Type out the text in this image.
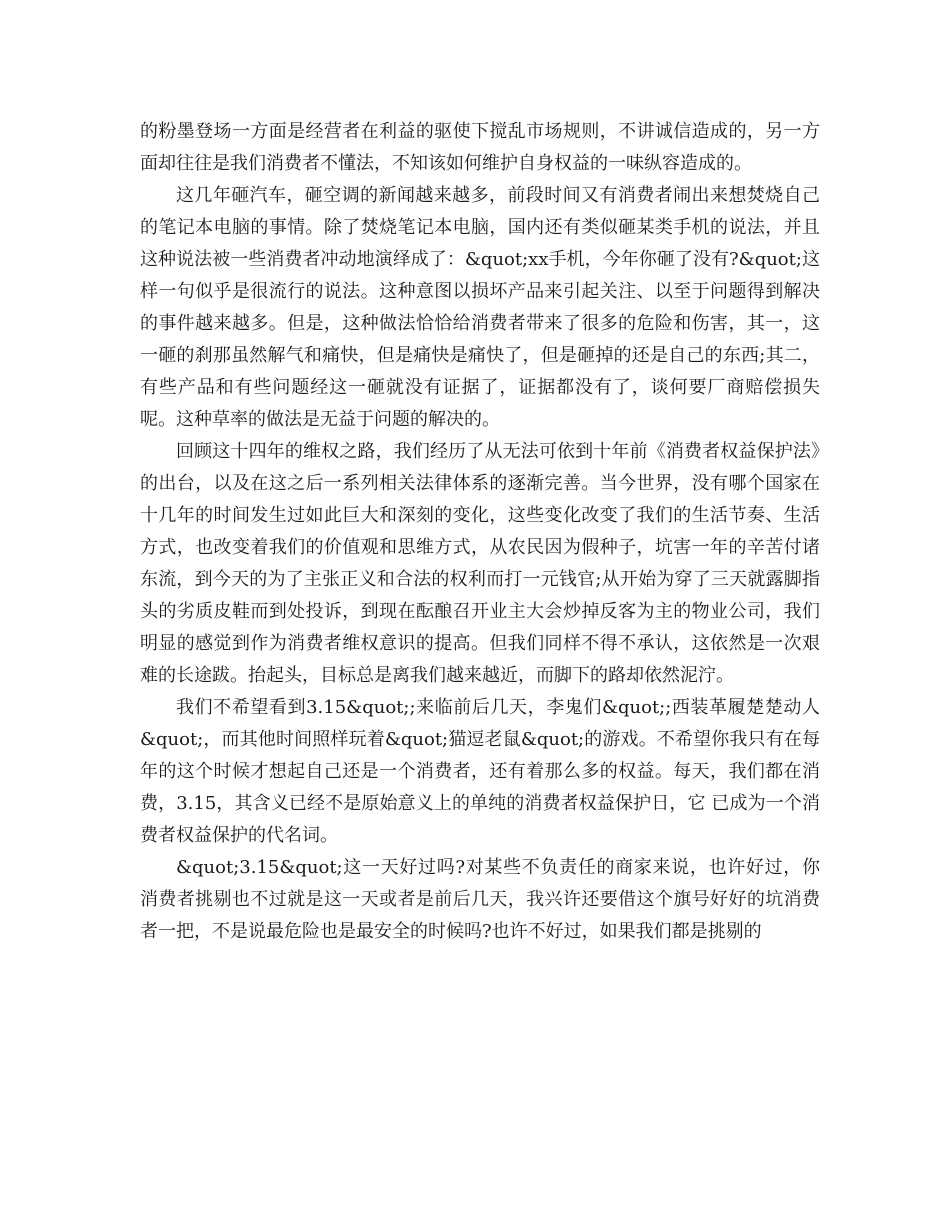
的粉墨登场一方面是经营者在利益的驱使下搅乱市场规则，不讲诚信造成的，另一方面却往往是我们消费者不懂法，不知该如何维护自身权益的一味纵容造成的。

这几年砸汽车，砸空调的新闻越来越多，前段时间又有消费者闹出来想焚烧自己的笔记本电脑的事情。除了焚烧笔记本电脑，国内还有类似砸某类手机的说法，并且这种说法被一些消费者冲动地演绎成了：&quot;xx手机，今年你砸了没有?&quot;这样一句似乎是很流行的说法。这种意图以损坏产品来引起关注、以至于问题得到解决的事件越来越多。但是，这种做法恰恰给消费者带来了很多的危险和伤害，其一，这一砸的刹那虽然解气和痛快，但是痛快是痛快了，但是砸掉的还是自己的东西;其二，有些产品和有些问题经这一砸就没有证据了，证据都没有了，谈何要厂商赔偿损失呢。这种草率的做法是无益于问题的解决的。

回顾这十四年的维权之路，我们经历了从无法可依到十年前《消费者权益保护法》的出台，以及在这之后一系列相关法律体系的逐渐完善。当今世界，没有哪个国家在十几年的时间发生过如此巨大和深刻的变化，这些变化改变了我们的生活节奏、生活方式，也改变着我们的价值观和思维方式，从农民因为假种子，坑害一年的辛苦付诸东流，到今天的为了主张正义和合法的权利而打一元钱官;从开始为穿了三天就露脚指头的劣质皮鞋而到处投诉，到现在酝酿召开业主大会炒掉反客为主的物业公司，我们明显的感觉到作为消费者维权意识的提高。但我们同样不得不承认，这依然是一次艰难的长途跋。抬起头，目标总是离我们越来越近，而脚下的路却依然泥泞。

我们不希望看到3.15&quot;;来临前后几天，李鬼们&quot;;西装革履楚楚动人&quot;，而其他时间照样玩着&quot;猫逗老鼠&quot;的游戏。不希望你我只有在每年的这个时候才想起自己还是一个消费者，还有着那么多的权益。每天，我们都在消费，3.15，其含义已经不是原始意义上的单纯的消费者权益保护日，它 已成为一个消费者权益保护的代名词。

&quot;3.15&quot;这一天好过吗?对某些不负责任的商家来说，也许好过，你消费者挑剔也不过就是这一天或者是前后几天，我兴许还要借这个旗号好好的坑消费者一把，不是说最危险也是最安全的时候吗?也许不好过，如果我们都是挑剔的
